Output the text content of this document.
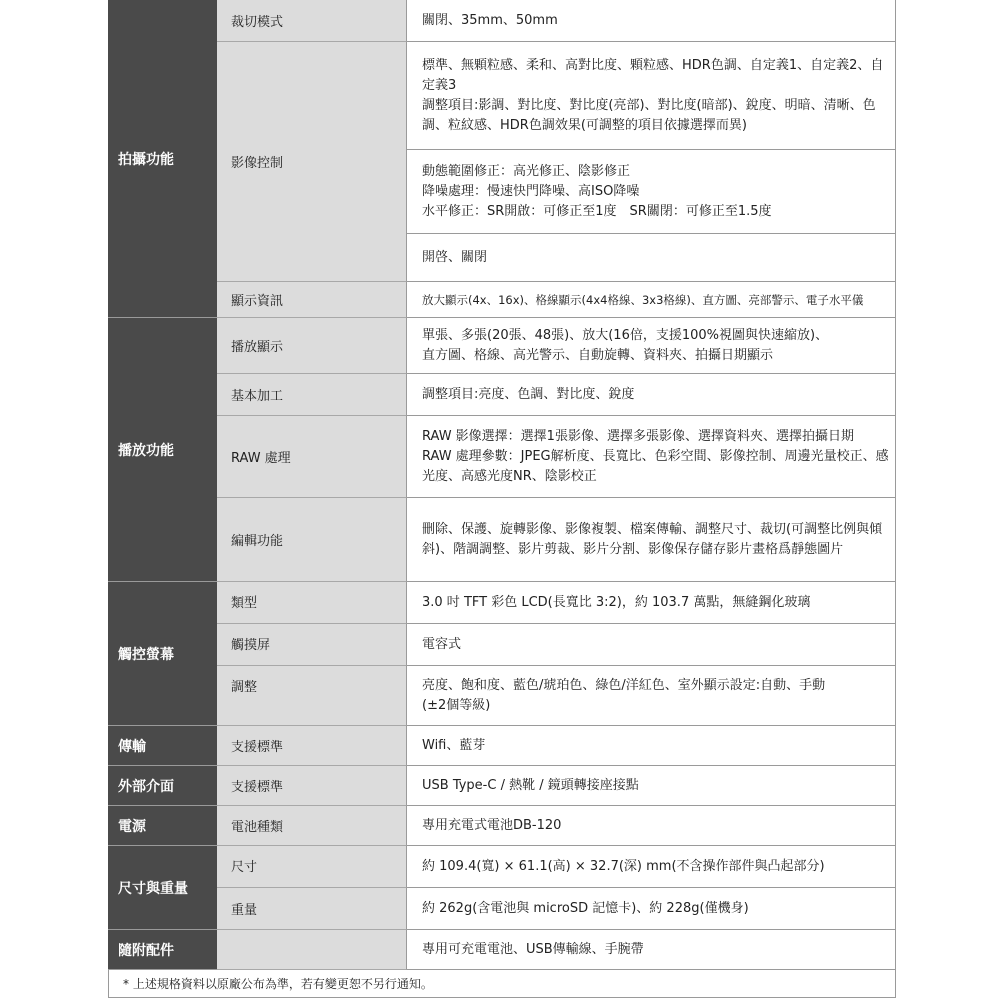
拍攝功能
播放功能
觸控螢幕
傳輸
外部介面
電源
尺寸與重量
隨附配件
裁切模式
影像控制
顯示資訊
播放顯示
基本加工
RAW 處理
編輯功能
類型
觸摸屏
調整
支援標準
支援標準
電池種類
尺寸
重量
關閉、35mm、50mm
標準、無顆粒感、柔和、高對比度、顆粒感、HDR色調、自定義1、自定義2、自定義3
調整項目:影調、對比度、對比度(亮部)、對比度(暗部)、銳度、明暗、清晰、色調、粒紋感、HDR色調效果(可調整的項目依據選擇而異)
動態範圍修正：高光修正、陰影修正
降噪處理：慢速快門降噪、高ISO降噪
水平修正：SR開啟：可修正至1度　SR關閉：可修正至1.5度
開啓、關閉
放大顯示(4x、16x)、格線顯示(4x4格線、3x3格線)、直方圖、亮部警示、電子水平儀
單張、多張(20張、48張)、放大(16倍，支援100%視圖與快速縮放)、
直方圖、格線、高光警示、自動旋轉、資料夾、拍攝日期顯示
調整項目:亮度、色調、對比度、銳度
RAW 影像選擇：選擇1張影像、選擇多張影像、選擇資料夾、選擇拍攝日期
RAW 處理參數：JPEG解析度、長寬比、色彩空間、影像控制、周邊光量校正、感光度、高感光度NR、陰影校正
刪除、保護、旋轉影像、影像複製、檔案傳輸、調整尺寸、裁切(可調整比例與傾斜)、階調調整、影片剪裁、影片分割、影像保存儲存影片畫格爲靜態圖片
3.0 吋 TFT 彩色 LCD(長寬比 3:2)，約 103.7 萬點，無縫鋼化玻璃
電容式
亮度、飽和度、藍色/琥珀色、綠色/洋紅色、室外顯示設定:自動、手動
(±2個等級)
Wifi、藍芽
USB Type-C / 熱靴 / 鏡頭轉接座接點
專用充電式電池DB-120
約 109.4(寬) × 61.1(高) × 32.7(深) mm(不含操作部件與凸起部分)
約 262g(含電池與 microSD 記憶卡)、約 228g(僅機身)
專用可充電電池、USB傳輸線、手腕帶
* 上述規格資料以原廠公布為準，若有變更恕不另行通知。
